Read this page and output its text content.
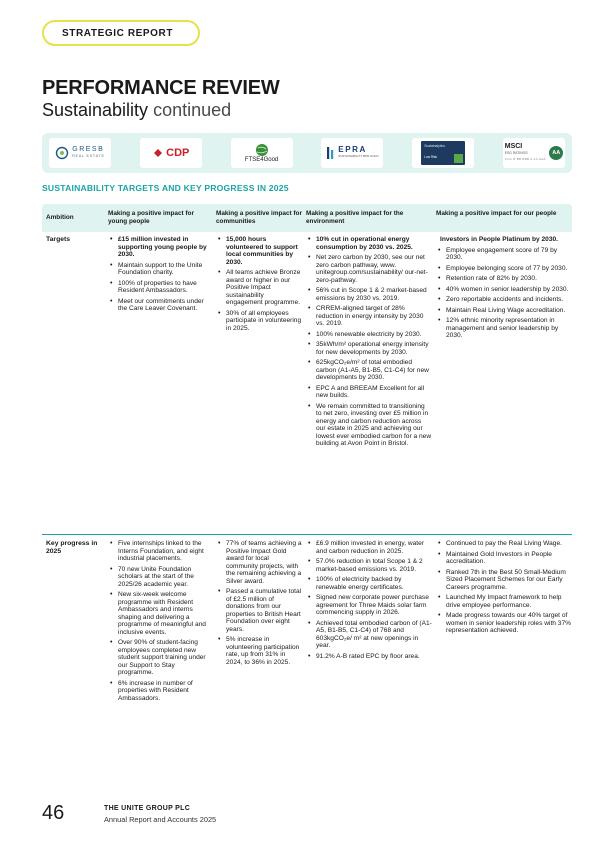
STRATEGIC REPORT
PERFORMANCE REVIEW
Sustainability continued
GRESB
REAL ESTATE	CDP
FTSE4Good
EPRA
SUSTAINABILITY BPR GOLD
Sustainalytics
Low Risk
MSCI
ESG RATINGS
CCC B BB BBB A AA AAA
AA
SUSTAINABILITY TARGETS AND KEY PROGRESS IN 2025
Ambition
Making a positive impact for young people
Making a positive impact for communities
Making a positive impact for the environment
Making a positive impact for our people
Targets
•	£15 million invested in supporting young people by 2030.
• Maintain support to the Unite Foundation charity.
• 100% of properties to have Resident Ambassadors.
• Meet our commitments under the Care Leaver Covenant.
• 15,000 hours volunteered to support local communities by 2030.
• All teams achieve Bronze award or higher in our Positive Impact sustainability engagement programme.
• 30% of all employees participate in volunteering in 2025.
• 10% cut in operational energy consumption by 2030 vs. 2025.
• Net zero carbon by 2030, see our net zero carbon pathway, www. unitegroup.com/sustainability/ our-net-zero-pathway.
• 56% cut in Scope 1 & 2 market-based emissions by 2030 vs. 2019.
• CRREM-aligned target of 28% reduction in energy intensity by 2030 vs. 2019.
• 100% renewable electricity by 2030.
• 35kWh/m² operational energy intensity for new developments by 2030.
• 625kgCO₂e/m² of total embodied carbon (A1-A5, B1-B5, C1-C4) for new developments by 2030.
• EPC A and BREEAM Excellent for all new builds.
• We remain committed to transitioning to net zero, investing over £5 million in energy and carbon reduction across our estate in 2025 and achieving our lowest ever embodied carbon for a new building at Avon Point in Bristol.
Investors in People Platinum by 2030.
• Employee engagement score of 79 by 2030.
• Employee belonging score of 77 by 2030.
• Retention rate of 82% by 2030.
• 40% women in senior leadership by 2030.
• Zero reportable accidents and incidents.
• Maintain Real Living Wage accreditation.
• 12% ethnic minority representation in management and senior leadership by 2030.
Key progress in 2025
• Five internships linked to the Interns Foundation, and eight industrial placements.
• 70 new Unite Foundation scholars at the start of the 2025/26 academic year.
• New six-week welcome programme with Resident Ambassadors and interns shaping and delivering a programme of meaningful and inclusive events.
• Over 90% of student-facing employees completed new student support training under our Support to Stay programme.
• 6% increase in number of properties with Resident Ambassadors.
• 77% of teams achieving a Positive Impact Gold award for local community projects, with the remaining achieving a Silver award.
• Passed a cumulative total of £2.5 million of donations from our properties to British Heart Foundation over eight years.
• 5% increase in volunteering participation rate, up from 31% in 2024, to 36% in 2025.
• £6.9 million invested in energy, water and carbon reduction in 2025.
• 57.0% reduction in total Scope 1 & 2 market-based emissions vs. 2019.
• 100% of electricity backed by renewable energy certificates.
• Signed new corporate power purchase agreement for Three Maids solar farm commencing supply in 2026.
• Achieved total embodied carbon of (A1-A5, B1-B5, C1-C4) of 768 and 603kgCO₂e/ m² at new openings in year.
• 91.2% A-B rated EPC by floor area.
• Continued to pay the Real Living Wage.
• Maintained Gold Investors in People accreditation.
• Ranked 7th in the Best 50 Small-Medium Sized Placement Schemes for our Early Careers programme.
• Launched My Impact framework to help drive employee performance.
• Made progress towards our 40% target of women in senior leadership roles with 37% representation achieved.
46	THE UNITE GROUP PLC
Annual Report and Accounts 2025
